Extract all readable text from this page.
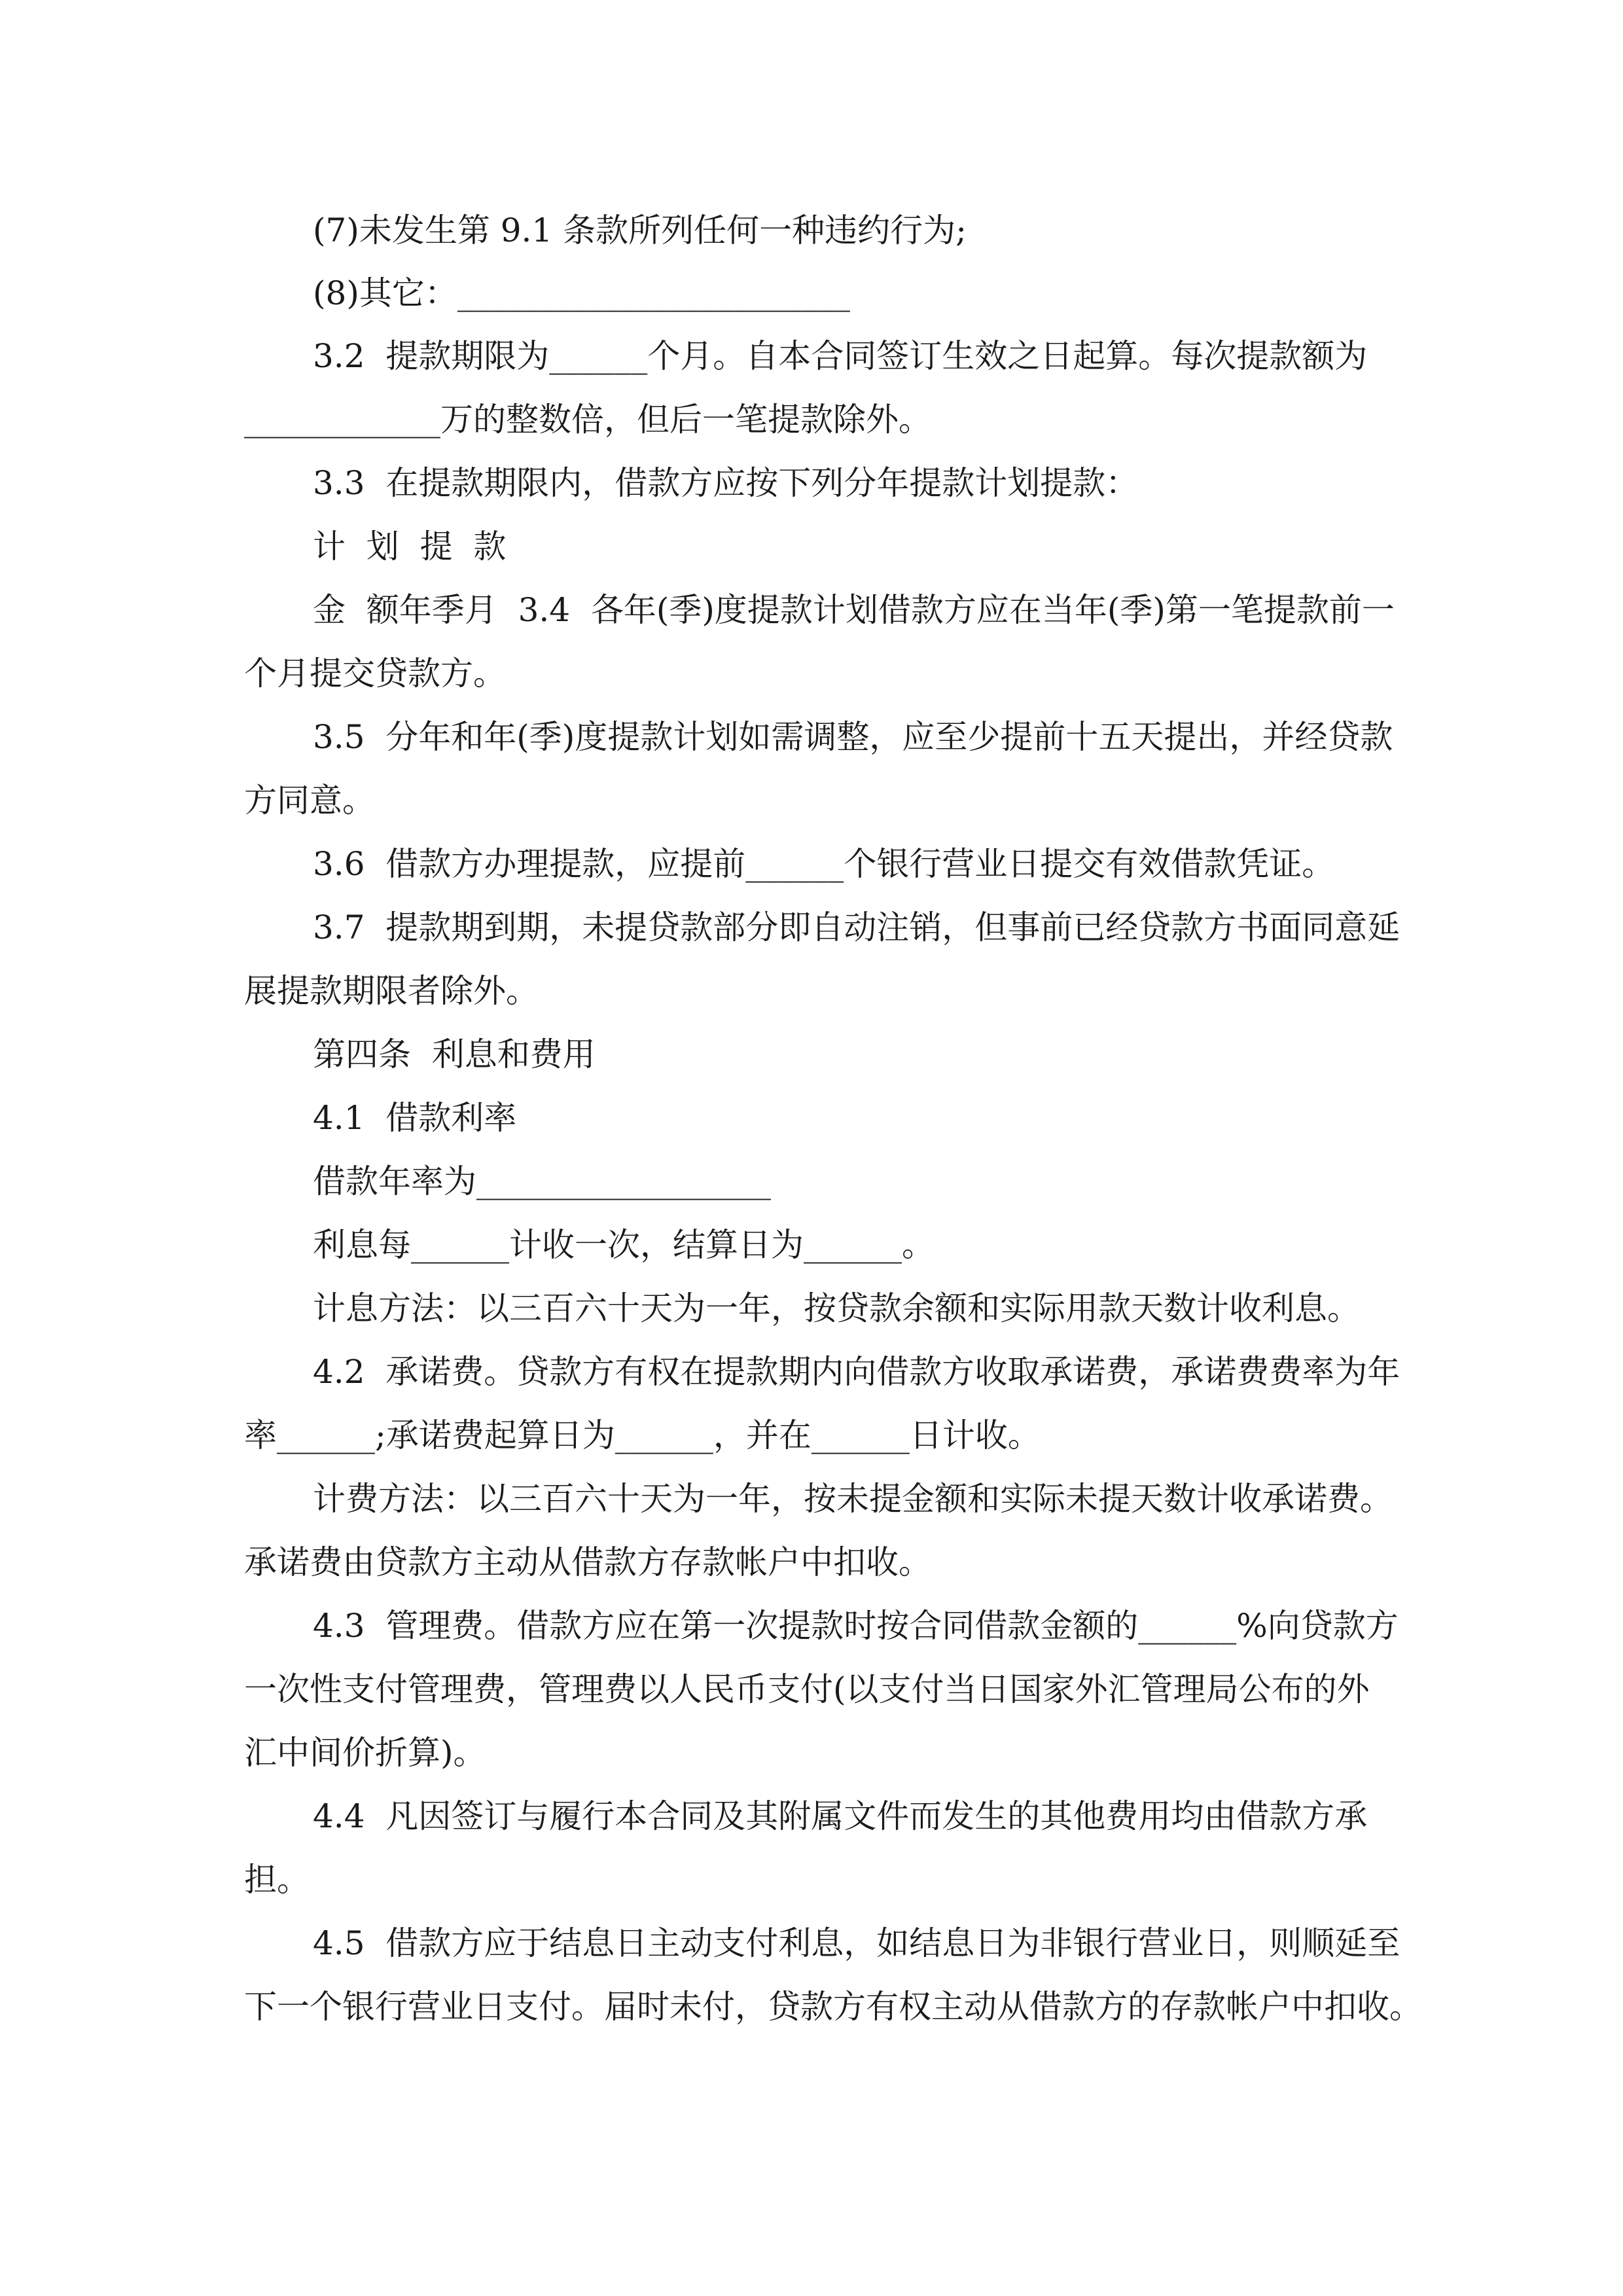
(7)未发生第 9.1 条款所列任何一种违约行为;
(8)其它：________________________
3.2  提款期限为______个月。自本合同签订生效之日起算。每次提款额为
____________万的整数倍，但后一笔提款除外。
3.3  在提款期限内，借款方应按下列分年提款计划提款：
计  划  提  款
金  额年季月  3.4  各年(季)度提款计划借款方应在当年(季)第一笔提款前一
个月提交贷款方。
3.5  分年和年(季)度提款计划如需调整，应至少提前十五天提出，并经贷款
方同意。
3.6  借款方办理提款，应提前______个银行营业日提交有效借款凭证。
3.7  提款期到期，未提贷款部分即自动注销，但事前已经贷款方书面同意延
展提款期限者除外。
第四条  利息和费用
4.1  借款利率
借款年率为__________________
利息每______计收一次，结算日为______。
计息方法：以三百六十天为一年，按贷款余额和实际用款天数计收利息。
4.2  承诺费。贷款方有权在提款期内向借款方收取承诺费，承诺费费率为年
率______;承诺费起算日为______，并在______日计收。
计费方法：以三百六十天为一年，按未提金额和实际未提天数计收承诺费。
承诺费由贷款方主动从借款方存款帐户中扣收。
4.3  管理费。借款方应在第一次提款时按合同借款金额的______%向贷款方
一次性支付管理费，管理费以人民币支付(以支付当日国家外汇管理局公布的外
汇中间价折算)。
4.4  凡因签订与履行本合同及其附属文件而发生的其他费用均由借款方承
担。
4.5  借款方应于结息日主动支付利息，如结息日为非银行营业日，则顺延至
下一个银行营业日支付。届时未付，贷款方有权主动从借款方的存款帐户中扣收。
